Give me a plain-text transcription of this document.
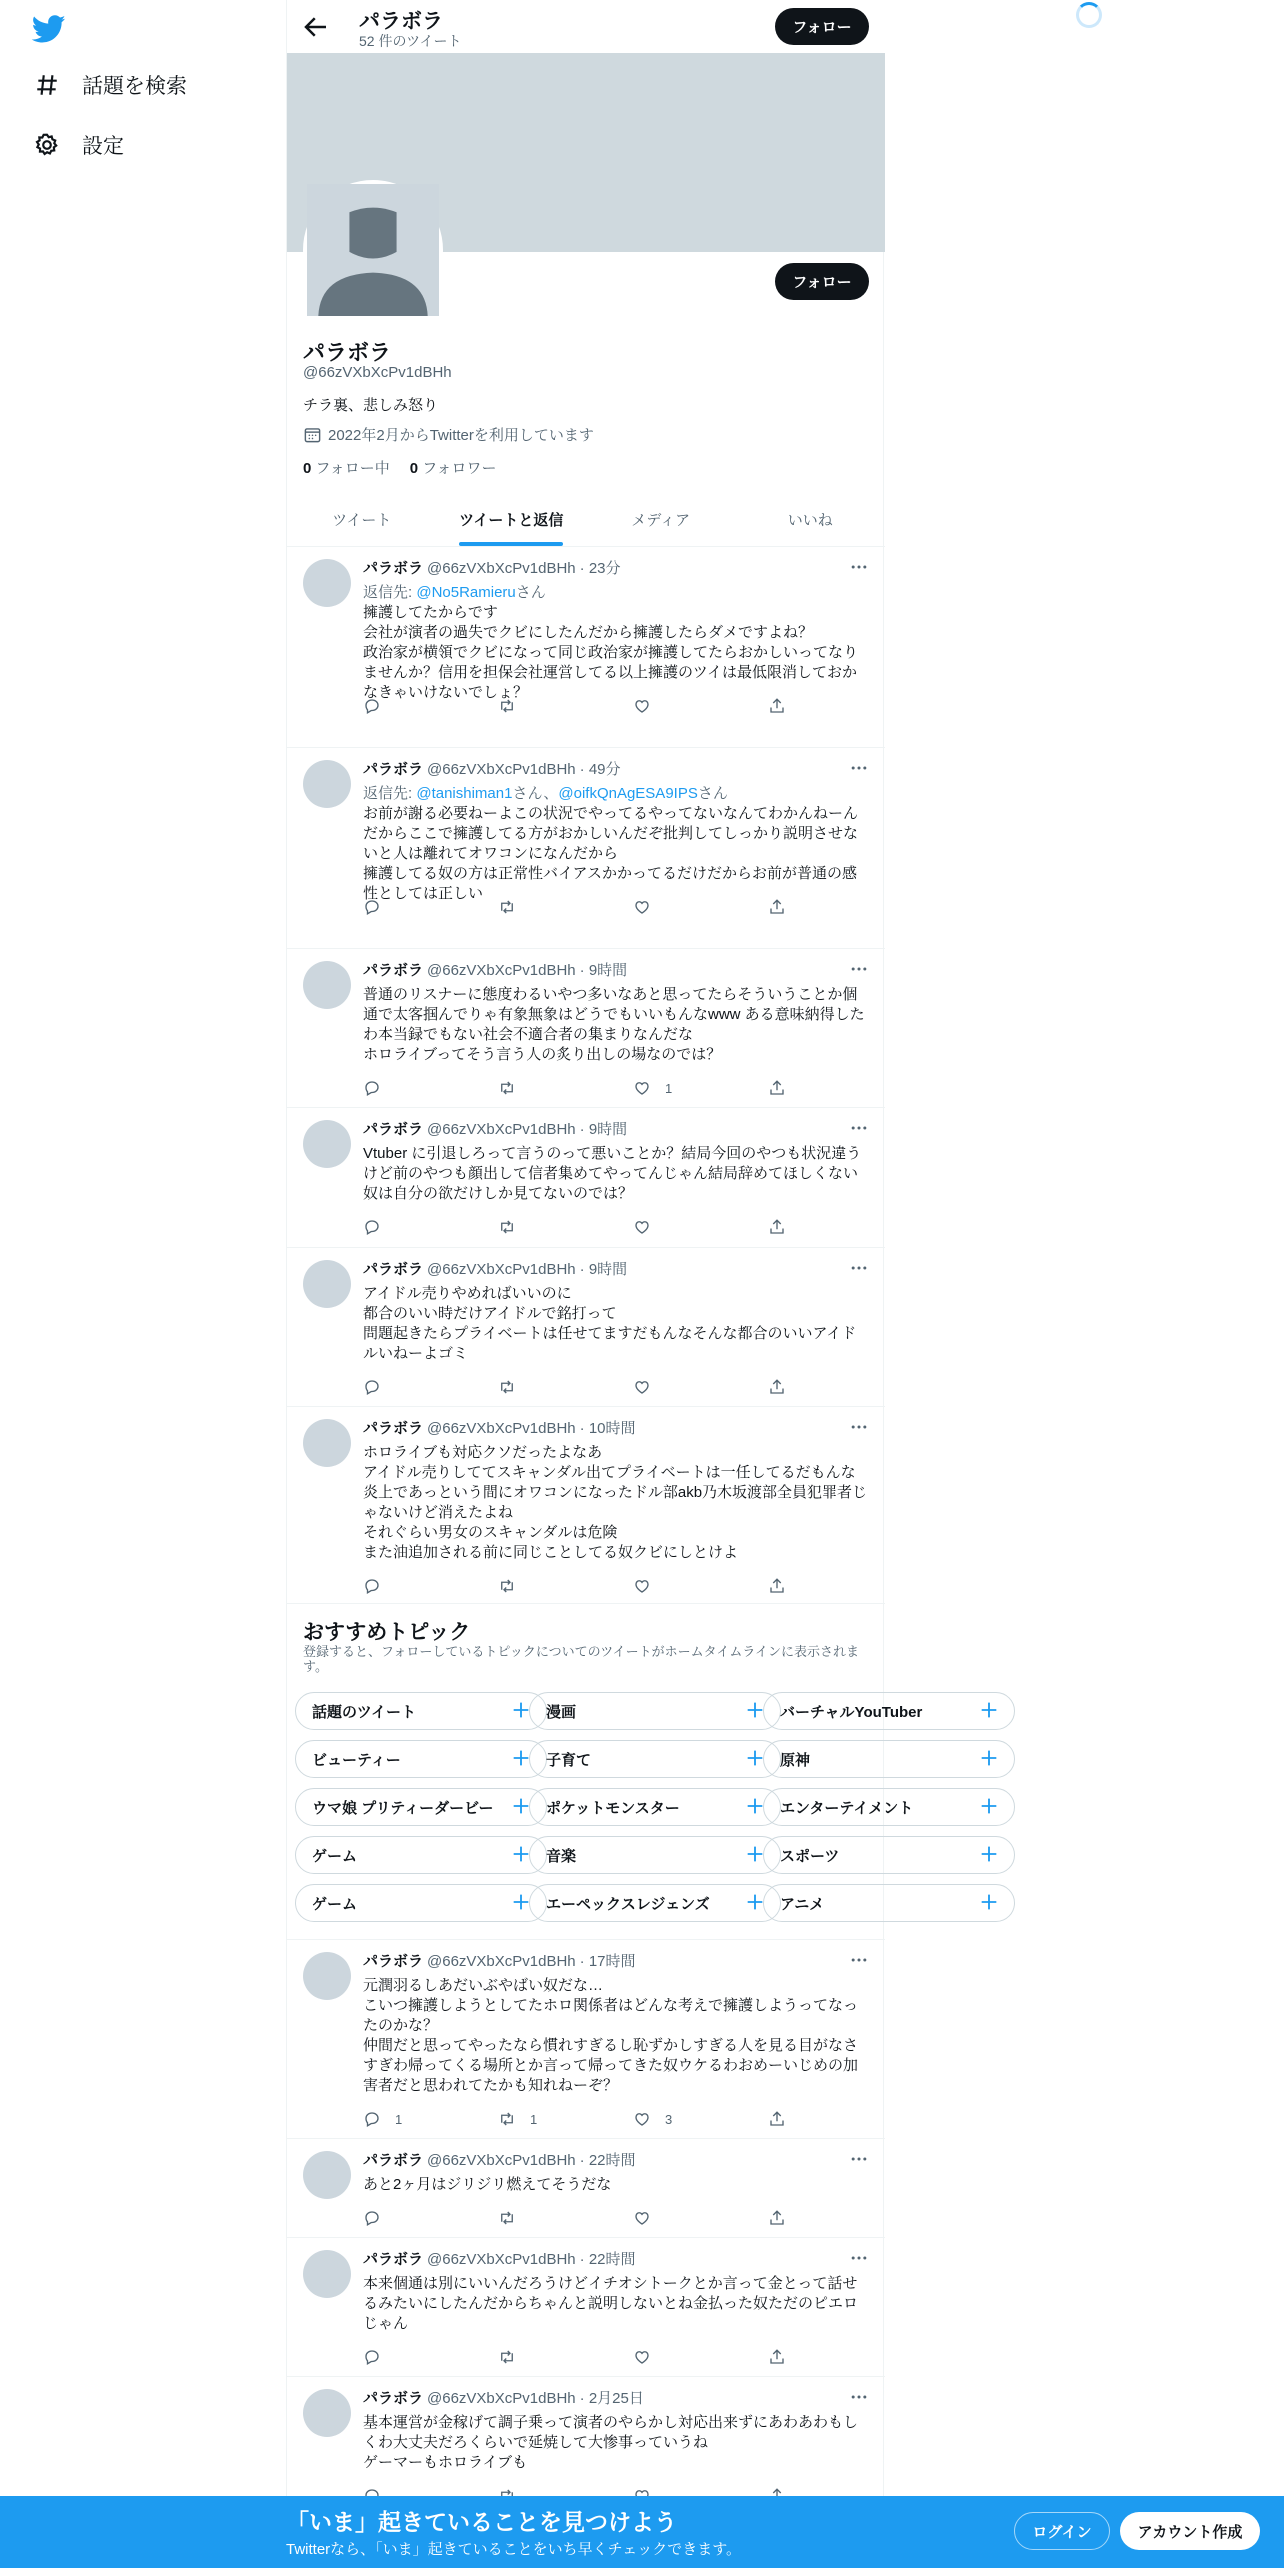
話題を検索
設定
パラボラ
52 件のツイート
フォロー
フォロー
パラボラ
@66zVXbXcPv1dBHh
チラ裏、悲しみ怒り
2022年2月からTwitterを利用しています
0 フォロー中 0 フォロワー
ツイート	ツイートと返信	メディア	いいね
パラボラ @66zVXbXcPv1dBHh · 23分
返信先: @No5Ramieruさん
擁護してたからです
会社が演者の過失でクビにしたんだから擁護したらダメですよね？
政治家が横領でクビになって同じ政治家が擁護してたらおかしいってなりませんか？信用を担保会社運営してる以上擁護のツイは最低限消しておかなきゃいけないでしょ？
パラボラ @66zVXbXcPv1dBHh · 49分
返信先: @tanishiman1さん、@oifkQnAgESA9IPSさん
お前が謝る必要ねーよこの状況でやってるやってないなんてわかんねーんだからここで擁護してる方がおかしいんだぞ批判してしっかり説明させないと人は離れてオワコンになんだから
擁護してる奴の方は正常性バイアスかかってるだけだからお前が普通の感性としては正しい
パラボラ @66zVXbXcPv1dBHh · 9時間
普通のリスナーに態度わるいやつ多いなあと思ってたらそういうことか個通で太客掴んでりゃ有象無象はどうでもいいもんなwww ある意味納得したわ本当録でもない社会不適合者の集まりなんだな
ホロライブってそう言う人の炙り出しの場なのでは？
1
パラボラ @66zVXbXcPv1dBHh · 9時間
Vtuber に引退しろって言うのって悪いことか？結局今回のやつも状況違うけど前のやつも顔出して信者集めてやってんじゃん結局辞めてほしくない奴は自分の欲だけしか見てないのでは？
パラボラ @66zVXbXcPv1dBHh · 9時間
アイドル売りやめればいいのに
都合のいい時だけアイドルで銘打って
問題起きたらプライベートは任せてますだもんなそんな都合のいいアイドルいねーよゴミ
パラボラ @66zVXbXcPv1dBHh · 10時間
ホロライブも対応クソだったよなあ
アイドル売りしててスキャンダル出てプライベートは一任してるだもんな炎上であっという間にオワコンになったドル部akb乃木坂渡部全員犯罪者じゃないけど消えたよね
それぐらい男女のスキャンダルは危険
また油追加される前に同じことしてる奴クビにしとけよ
おすすめトピック
登録すると、フォローしているトピックについてのツイートがホームタイムラインに表示されます。
話題のツイート	漫画	バーチャルYouTuber
ビューティー	子育て	原神
ウマ娘 プリティーダービー	ポケットモンスター	エンターテイメント
ゲーム	音楽	スポーツ
ゲーム	エーペックスレジェンズ	アニメ
パラボラ @66zVXbXcPv1dBHh · 17時間
元潤羽るしあだいぶやばい奴だな…
こいつ擁護しようとしてたホロ関係者はどんな考えで擁護しようってなったのかな？
仲間だと思ってやったなら慣れすぎるし恥ずかしすぎる人を見る目がなさすぎわ帰ってくる場所とか言って帰ってきた奴ウケるわおめーいじめの加害者だと思われてたかも知れねーぞ？
1	1	3
パラボラ @66zVXbXcPv1dBHh · 22時間
あと2ヶ月はジリジリ燃えてそうだな
パラボラ @66zVXbXcPv1dBHh · 22時間
本来個通は別にいいんだろうけどイチオシトークとか言って金とって話せるみたいにしたんだからちゃんと説明しないとね金払った奴ただのピエロじゃん
パラボラ @66zVXbXcPv1dBHh · 2月25日
基本運営が金稼げて調子乗って演者のやらかし対応出来ずにあわあわもしくわ大丈夫だろくらいで延焼して大惨事っていうね
ゲーマーもホロライブも
「いま」起きていることを見つけよう
Twitterなら、「いま」起きていることをいち早くチェックできます。
ログイン	アカウント作成
